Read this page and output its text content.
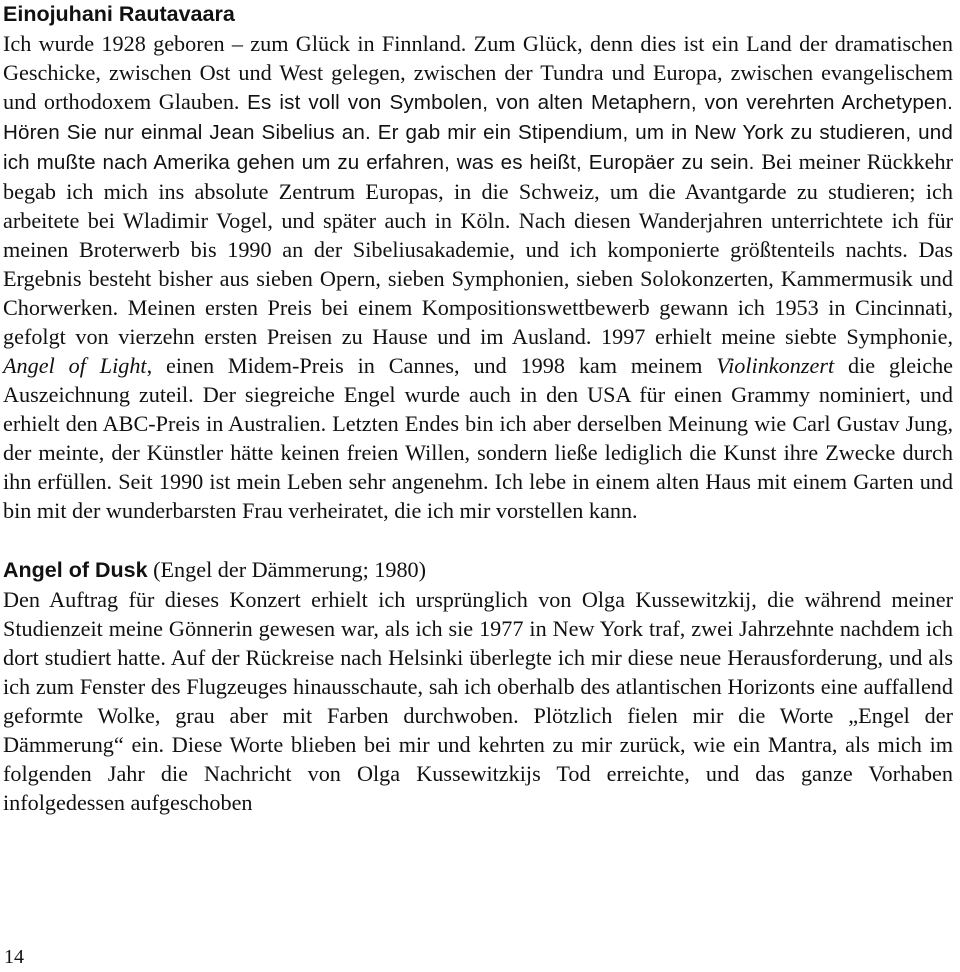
Einojuhani Rautavaara

Ich wurde 1928 geboren – zum Glück in Finnland. Zum Glück, denn dies ist ein Land der dramatischen Geschicke, zwischen Ost und West gelegen, zwischen der Tundra und Europa, zwischen evangelischem und orthodoxem Glauben. Es ist voll von Symbolen, von alten Metaphern, von verehrten Archetypen. Hören Sie nur einmal Jean Sibelius an. Er gab mir ein Stipendium, um in New York zu studieren, und ich mußte nach Amerika gehen um zu erfahren, was es heißt, Europäer zu sein. Bei meiner Rückkehr begab ich mich ins absolute Zentrum Europas, in die Schweiz, um die Avantgarde zu studieren; ich arbeitete bei Wladimir Vogel, und später auch in Köln. Nach diesen Wanderjahren unterrichtete ich für meinen Broterwerb bis 1990 an der Sibeliusakademie, und ich komponierte größtenteils nachts. Das Ergebnis besteht bisher aus sieben Opern, sieben Symphonien, sieben Solokonzerten, Kammermusik und Chorwerken. Meinen ersten Preis bei einem Kompositionswettbewerb gewann ich 1953 in Cincinnati, gefolgt von vierzehn ersten Preisen zu Hause und im Ausland. 1997 erhielt meine siebte Symphonie, Angel of Light, einen Midem-Preis in Cannes, und 1998 kam meinem Violinkonzert die gleiche Auszeichnung zuteil. Der siegreiche Engel wurde auch in den USA für einen Grammy nominiert, und erhielt den ABC-Preis in Australien. Letzten Endes bin ich aber derselben Meinung wie Carl Gustav Jung, der meinte, der Künstler hätte keinen freien Willen, sondern ließe lediglich die Kunst ihre Zwecke durch ihn erfüllen. Seit 1990 ist mein Leben sehr angenehm. Ich lebe in einem alten Haus mit einem Garten und bin mit der wunderbarsten Frau verheiratet, die ich mir vorstellen kann.

Angel of Dusk (Engel der Dämmerung; 1980)

Den Auftrag für dieses Konzert erhielt ich ursprünglich von Olga Kussewitzkij, die während meiner Studienzeit meine Gönnerin gewesen war, als ich sie 1977 in New York traf, zwei Jahrzehnte nachdem ich dort studiert hatte. Auf der Rückreise nach Helsinki überlegte ich mir diese neue Herausforderung, und als ich zum Fenster des Flugzeuges hinausschaute, sah ich oberhalb des atlantischen Horizonts eine auffallend geformte Wolke, grau aber mit Farben durchwoben. Plötzlich fielen mir die Worte „Engel der Dämmerung“ ein. Diese Worte blieben bei mir und kehrten zu mir zurück, wie ein Mantra, als mich im folgenden Jahr die Nachricht von Olga Kussewitzkijs Tod erreichte, und das ganze Vorhaben infolgedessen aufgeschoben

14
